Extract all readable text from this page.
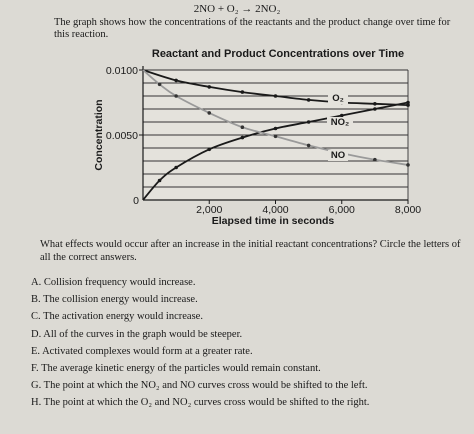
2NO + O₂ → 2NO₂
The graph shows how the concentrations of the reactants and the product change over time for this reaction.
Reactant and Product Concentrations over Time
O₂
NO₂
NO
0
2,000	4,000	6,000	8,000
0.0050
0.0100
Elapsed time in seconds
Concentration
What effects would occur after an increase in the initial reactant concentrations? Circle the letters of all the correct answers.
A. Collision frequency would increase.
B. The collision energy would increase.
C. The activation energy would increase.
D. All of the curves in the graph would be steeper.
E. Activated complexes would form at a greater rate.
F. The average kinetic energy of the particles would remain constant.
G. The point at which the NO₂ and NO curves cross would be shifted to the left.
H. The point at which the O₂ and NO₂ curves cross would be shifted to the right.
